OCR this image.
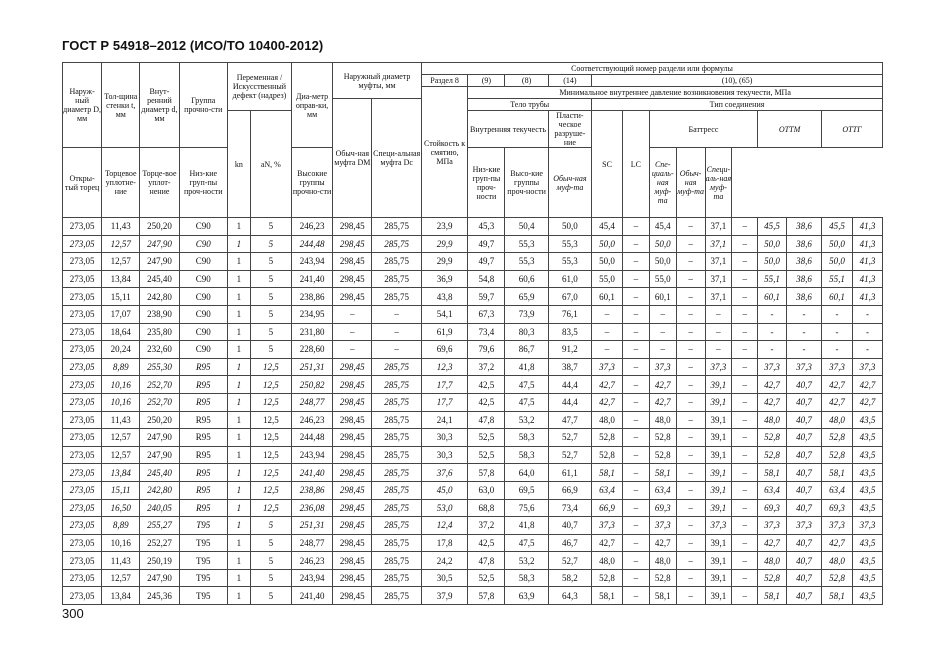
ГОСТ Р 54918–2012 (ИСО/ТО 10400-2012)
Наруж-ный диаметр D, мм	Тол-щина стенки t, мм	Внут-ренний диаметр d, мм	Группа прочно-сти	Переменная /Искусственный дефект (надрез)		Диа-метр оправ-ки, мм	Наружный диаметр муфты, мм		Соответствующий номер раздели или формулы													
									Раздел 8	(9)	(8)	(14)	(10), (65)									
									Стойкость к смятию, МПа	Минимальное внутреннее давление возникновения текучести, МПа												
							Обыч-ная муфта DM	Специ-альная муфта Dc		Тело трубы			Тип соединения									
				kn	aN, %					Внутренняя текучесть		Пласти-ческое разруше-ние	SC	LC	Баттресс				ОТТМ		ОТТГ	
Откры-тый торец	Торцевое уплотне-ние	Торце-вое уплот-нение	Низ-кие груп-пы проч-ности			Высокие группы прочно-сти				Низ-кие груп-пы проч-ности	Высо-кие группы проч-ности	Обыч-ная муф-та			Спе-циаль-ная муф-та	Обыч-ная муф-та	Специ-аль-ная муф-та					
273,05	11,43	250,20	C90	1	5	246,23	298,45	285,75	23,9	45,3	50,4	50,0	45,4	–	45,4	–	37,1	–	45,5	38,6	45,5	41,3
273,05	12,57	247,90	C90	1	5	244,48	298,45	285,75	29,9	49,7	55,3	55,3	50,0	–	50,0	–	37,1	–	50,0	38,6	50,0	41,3
273,05	12,57	247,90	C90	1	5	243,94	298,45	285,75	29,9	49,7	55,3	55,3	50,0	–	50,0	–	37,1	–	50,0	38,6	50,0	41,3
273,05	13,84	245,40	C90	1	5	241,40	298,45	285,75	36,9	54,8	60,6	61,0	55,0	–	55,0	–	37,1	–	55,1	38,6	55,1	41,3
273,05	15,11	242,80	C90	1	5	238,86	298,45	285,75	43,8	59,7	65,9	67,0	60,1	–	60,1	–	37,1	–	60,1	38,6	60,1	41,3
273,05	17,07	238,90	C90	1	5	234,95	–	–	54,1	67,3	73,9	76,1	–	–	–	–	–	–	-	-	-	-
273,05	18,64	235,80	C90	1	5	231,80	–	–	61,9	73,4	80,3	83,5	–	–	–	–	–	–	-	-	-	-
273,05	20,24	232,60	C90	1	5	228,60	–	–	69,6	79,6	86,7	91,2	–	–	–	–	–	–	-	-	-	-
273,05	8,89	255,30	R95	1	12,5	251,31	298,45	285,75	12,3	37,2	41,8	38,7	37,3	–	37,3	–	37,3	–	37,3	37,3	37,3	37,3
273,05	10,16	252,70	R95	1	12,5	250,82	298,45	285,75	17,7	42,5	47,5	44,4	42,7	–	42,7	–	39,1	–	42,7	40,7	42,7	42,7
273,05	10,16	252,70	R95	1	12,5	248,77	298,45	285,75	17,7	42,5	47,5	44,4	42,7	–	42,7	–	39,1	–	42,7	40,7	42,7	42,7
273,05	11,43	250,20	R95	1	12,5	246,23	298,45	285,75	24,1	47,8	53,2	47,7	48,0	–	48,0	–	39,1	–	48,0	40,7	48,0	43,5
273,05	12,57	247,90	R95	1	12,5	244,48	298,45	285,75	30,3	52,5	58,3	52,7	52,8	–	52,8	–	39,1	–	52,8	40,7	52,8	43,5
273,05	12,57	247,90	R95	1	12,5	243,94	298,45	285,75	30,3	52,5	58,3	52,7	52,8	–	52,8	–	39,1	–	52,8	40,7	52,8	43,5
273,05	13,84	245,40	R95	1	12,5	241,40	298,45	285,75	37,6	57,8	64,0	61,1	58,1	–	58,1	–	39,1	–	58,1	40,7	58,1	43,5
273,05	15,11	242,80	R95	1	12,5	238,86	298,45	285,75	45,0	63,0	69,5	66,9	63,4	–	63,4	–	39,1	–	63,4	40,7	63,4	43,5
273,05	16,50	240,05	R95	1	12,5	236,08	298,45	285,75	53,0	68,8	75,6	73,4	66,9	–	69,3	–	39,1	–	69,3	40,7	69,3	43,5
273,05	8,89	255,27	T95	1	5	251,31	298,45	285,75	12,4	37,2	41,8	40,7	37,3	–	37,3	–	37,3	–	37,3	37,3	37,3	37,3
273,05	10,16	252,27	T95	1	5	248,77	298,45	285,75	17,8	42,5	47,5	46,7	42,7	–	42,7	–	39,1	–	42,7	40,7	42,7	43,5
273,05	11,43	250,19	T95	1	5	246,23	298,45	285,75	24,2	47,8	53,2	52,7	48,0	–	48,0	–	39,1	–	48,0	40,7	48,0	43,5
273,05	12,57	247,90	T95	1	5	243,94	298,45	285,75	30,5	52,5	58,3	58,2	52,8	–	52,8	–	39,1	–	52,8	40,7	52,8	43,5
273,05	13,84	245,36	T95	1	5	241,40	298,45	285,75	37,9	57,8	63,9	64,3	58,1	–	58,1	–	39,1	–	58,1	40,7	58,1	43,5
300
